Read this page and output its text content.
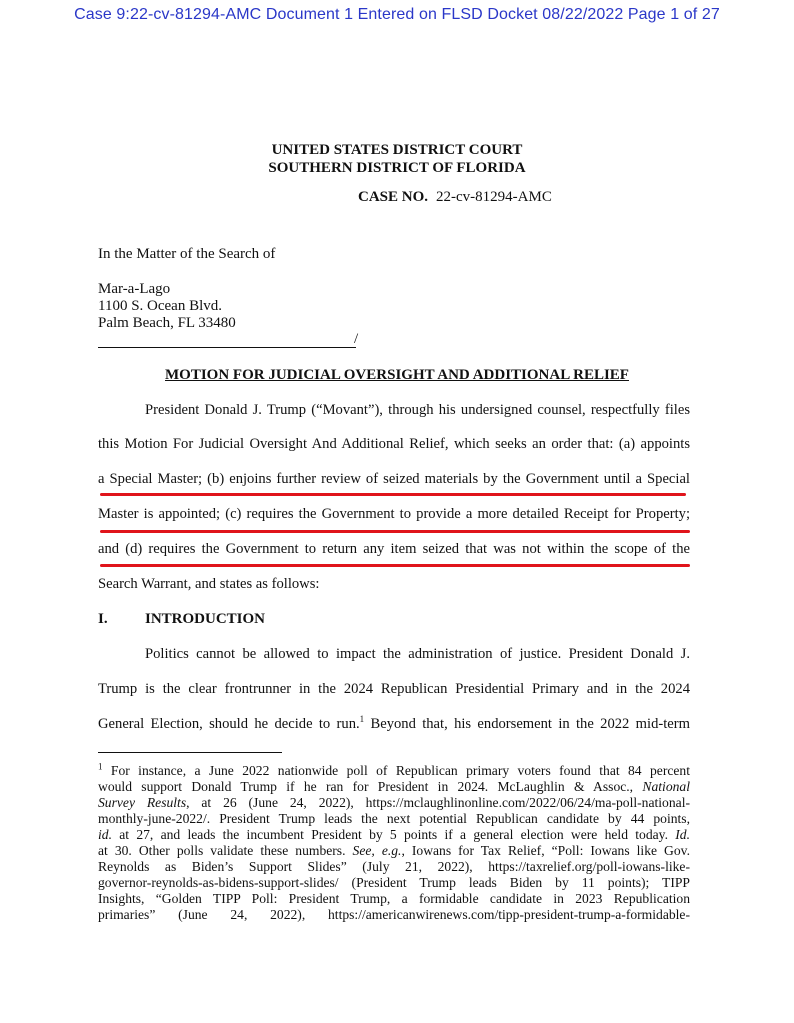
Case 9:22-cv-81294-AMC Document 1 Entered on FLSD Docket 08/22/2022 Page 1 of 27
UNITED STATES DISTRICT COURT
SOUTHERN DISTRICT OF FLORIDA
CASE NO. 22-cv-81294-AMC
In the Matter of the Search of
Mar-a-Lago
1100 S. Ocean Blvd.
Palm Beach, FL 33480
/
MOTION FOR JUDICIAL OVERSIGHT AND ADDITIONAL RELIEF
President Donald J. Trump (“Movant”), through his undersigned counsel, respectfully files
this Motion For Judicial Oversight And Additional Relief, which seeks an order that: (a) appoints
a Special Master; (b) enjoins further review of seized materials by the Government until a Special
Master is appointed; (c) requires the Government to provide a more detailed Receipt for Property;
and (d) requires the Government to return any item seized that was not within the scope of the
Search Warrant, and states as follows:
I. INTRODUCTION
Politics cannot be allowed to impact the administration of justice. President Donald J.
Trump is the clear frontrunner in the 2024 Republican Presidential Primary and in the 2024
General Election, should he decide to run.$^1$ Beyond that, his endorsement in the 2022 mid-term
$^1$ For instance, a June 2022 nationwide poll of Republican primary voters found that 84 percent
would support Donald Trump if he ran for President in 2024. McLaughlin & Assoc., National
Survey Results, at 26 (June 24, 2022), https://mclaughlinonline.com/2022/06/24/ma-poll-national-
monthly-june-2022/. President Trump leads the next potential Republican candidate by 44 points,
id. at 27, and leads the incumbent President by 5 points if a general election were held today. Id.
at 30. Other polls validate these numbers. See, e.g., Iowans for Tax Relief, “Poll: Iowans like Gov.
Reynolds as Biden’s Support Slides” (July 21, 2022), https://taxrelief.org/poll-iowans-like-
governor-reynolds-as-bidens-support-slides/ (President Trump leads Biden by 11 points); TIPP
Insights, “Golden TIPP Poll: President Trump, a formidable candidate in 2023 Republication
primaries” (June 24, 2022), https://americanwirenews.com/tipp-president-trump-a-formidable-
